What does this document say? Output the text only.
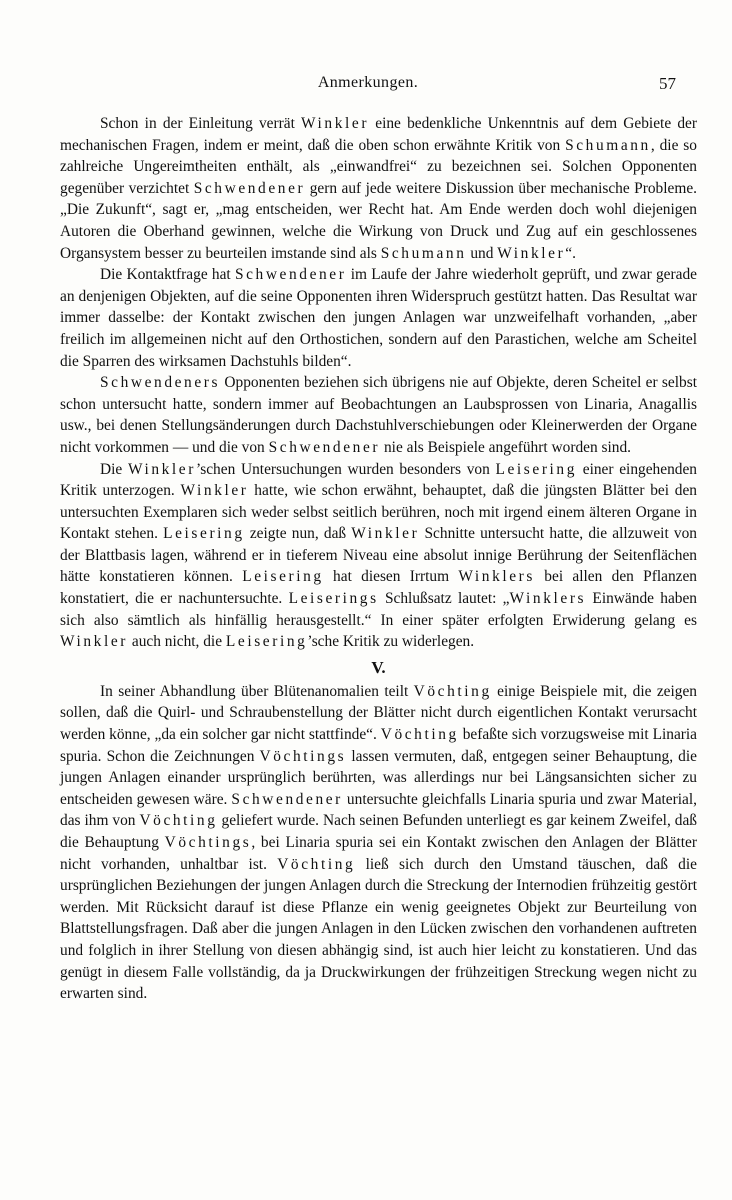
Anmerkungen.	57

Schon in der Einleitung verrät Winkler eine bedenkliche Unkenntnis auf dem Gebiete der mechanischen Fragen, indem er meint, daß die oben schon erwähnte Kritik von Schumann, die so zahlreiche Ungereimtheiten enthält, als „einwandfrei“ zu bezeichnen sei. Solchen Opponenten gegenüber verzichtet Schwendener gern auf jede weitere Diskussion über mechanische Probleme. „Die Zukunft“, sagt er, „mag entscheiden, wer Recht hat. Am Ende werden doch wohl diejenigen Autoren die Oberhand gewinnen, welche die Wirkung von Druck und Zug auf ein geschlossenes Organsystem besser zu beurteilen imstande sind als Schumann und Winkler“.

Die Kontaktfrage hat Schwendener im Laufe der Jahre wiederholt geprüft, und zwar gerade an denjenigen Objekten, auf die seine Opponenten ihren Widerspruch gestützt hatten. Das Resultat war immer dasselbe: der Kontakt zwischen den jungen Anlagen war unzweifelhaft vorhanden, „aber freilich im allgemeinen nicht auf den Orthostichen, sondern auf den Parastichen, welche am Scheitel die Sparren des wirksamen Dachstuhls bilden“.

Schwendeners Opponenten beziehen sich übrigens nie auf Objekte, deren Scheitel er selbst schon untersucht hatte, sondern immer auf Beobachtungen an Laubsprossen von Linaria, Anagallis usw., bei denen Stellungsänderungen durch Dachstuhlverschiebungen oder Kleinerwerden der Organe nicht vorkommen — und die von Schwendener nie als Beispiele angeführt worden sind.

Die Winkler’schen Untersuchungen wurden besonders von Leisering einer eingehenden Kritik unterzogen. Winkler hatte, wie schon erwähnt, behauptet, daß die jüngsten Blätter bei den untersuchten Exemplaren sich weder selbst seitlich berühren, noch mit irgend einem älteren Organe in Kontakt stehen. Leisering zeigte nun, daß Winkler Schnitte untersucht hatte, die allzuweit von der Blattbasis lagen, während er in tieferem Niveau eine absolut innige Berührung der Seitenflächen hätte konstatieren können. Leisering hat diesen Irrtum Winklers bei allen den Pflanzen konstatiert, die er nachuntersuchte. Leiserings Schlußsatz lautet: „Winklers Einwände haben sich also sämtlich als hinfällig herausgestellt.“ In einer später erfolgten Erwiderung gelang es Winkler auch nicht, die Leisering’sche Kritik zu widerlegen.

V.

In seiner Abhandlung über Blütenanomalien teilt Vöchting einige Beispiele mit, die zeigen sollen, daß die Quirl- und Schraubenstellung der Blätter nicht durch eigentlichen Kontakt verursacht werden könne, „da ein solcher gar nicht stattfinde“. Vöchting befaßte sich vorzugsweise mit Linaria spuria. Schon die Zeichnungen Vöchtings lassen vermuten, daß, entgegen seiner Behauptung, die jungen Anlagen einander ursprünglich berührten, was allerdings nur bei Längsansichten sicher zu entscheiden gewesen wäre. Schwendener untersuchte gleichfalls Linaria spuria und zwar Material, das ihm von Vöchting geliefert wurde. Nach seinen Befunden unterliegt es gar keinem Zweifel, daß die Behauptung Vöchtings, bei Linaria spuria sei ein Kontakt zwischen den Anlagen der Blätter nicht vorhanden, unhaltbar ist. Vöchting ließ sich durch den Umstand täuschen, daß die ursprünglichen Beziehungen der jungen Anlagen durch die Streckung der Internodien frühzeitig gestört werden. Mit Rücksicht darauf ist diese Pflanze ein wenig geeignetes Objekt zur Beurteilung von Blattstellungsfragen. Daß aber die jungen Anlagen in den Lücken zwischen den vorhandenen auftreten und folglich in ihrer Stellung von diesen abhängig sind, ist auch hier leicht zu konstatieren. Und das genügt in diesem Falle vollständig, da ja Druckwirkungen der frühzeitigen Streckung wegen nicht zu erwarten sind.
